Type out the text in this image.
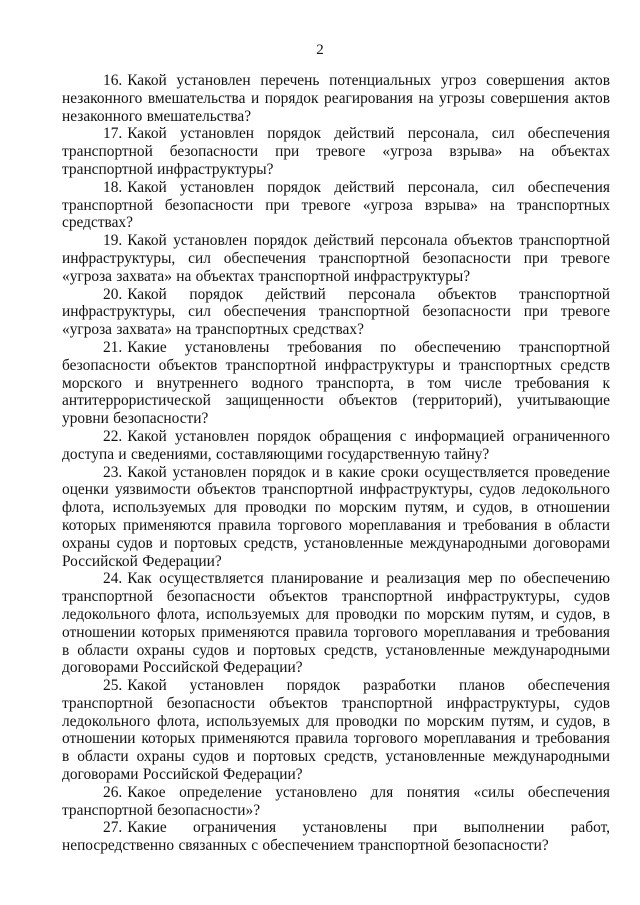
2

16. Какой установлен перечень потенциальных угроз совершения актов незаконного вмешательства и порядок реагирования на угрозы совершения актов незаконного вмешательства?

17. Какой установлен порядок действий персонала, сил обеспечения транспортной безопасности при тревоге «угроза взрыва» на объектах транспортной инфраструктуры?

18. Какой установлен порядок действий персонала, сил обеспечения транспортной безопасности при тревоге «угроза взрыва» на транспортных средствах?

19. Какой установлен порядок действий персонала объектов транспортной инфраструктуры, сил обеспечения транспортной безопасности при тревоге «угроза захвата» на объектах транспортной инфраструктуры?

20. Какой порядок действий персонала объектов транспортной инфраструктуры, сил обеспечения транспортной безопасности при тревоге «угроза захвата» на транспортных средствах?

21. Какие установлены требования по обеспечению транспортной безопасности объектов транспортной инфраструктуры и транспортных средств морского и внутреннего водного транспорта, в том числе требования к антитеррористической защищенности объектов (территорий), учитывающие уровни безопасности?

22. Какой установлен порядок обращения с информацией ограниченного доступа и сведениями, составляющими государственную тайну?

23. Какой установлен порядок и в какие сроки осуществляется проведение оценки уязвимости объектов транспортной инфраструктуры, судов ледокольного флота, используемых для проводки по морским путям, и судов, в отношении которых применяются правила торгового мореплавания и требования в области охраны судов и портовых средств, установленные международными договорами Российской Федерации?

24. Как осуществляется планирование и реализация мер по обеспечению транспортной безопасности объектов транспортной инфраструктуры, судов ледокольного флота, используемых для проводки по морским путям, и судов, в отношении которых применяются правила торгового мореплавания и требования в области охраны судов и портовых средств, установленные международными договорами Российской Федерации?

25. Какой установлен порядок разработки планов обеспечения транспортной безопасности объектов транспортной инфраструктуры, судов ледокольного флота, используемых для проводки по морским путям, и судов, в отношении которых применяются правила торгового мореплавания и требования в области охраны судов и портовых средств, установленные международными договорами Российской Федерации?

26. Какое определение установлено для понятия «силы обеспечения транспортной безопасности»?

27. Какие ограничения установлены при выполнении работ, непосредственно связанных с обеспечением транспортной безопасности?
